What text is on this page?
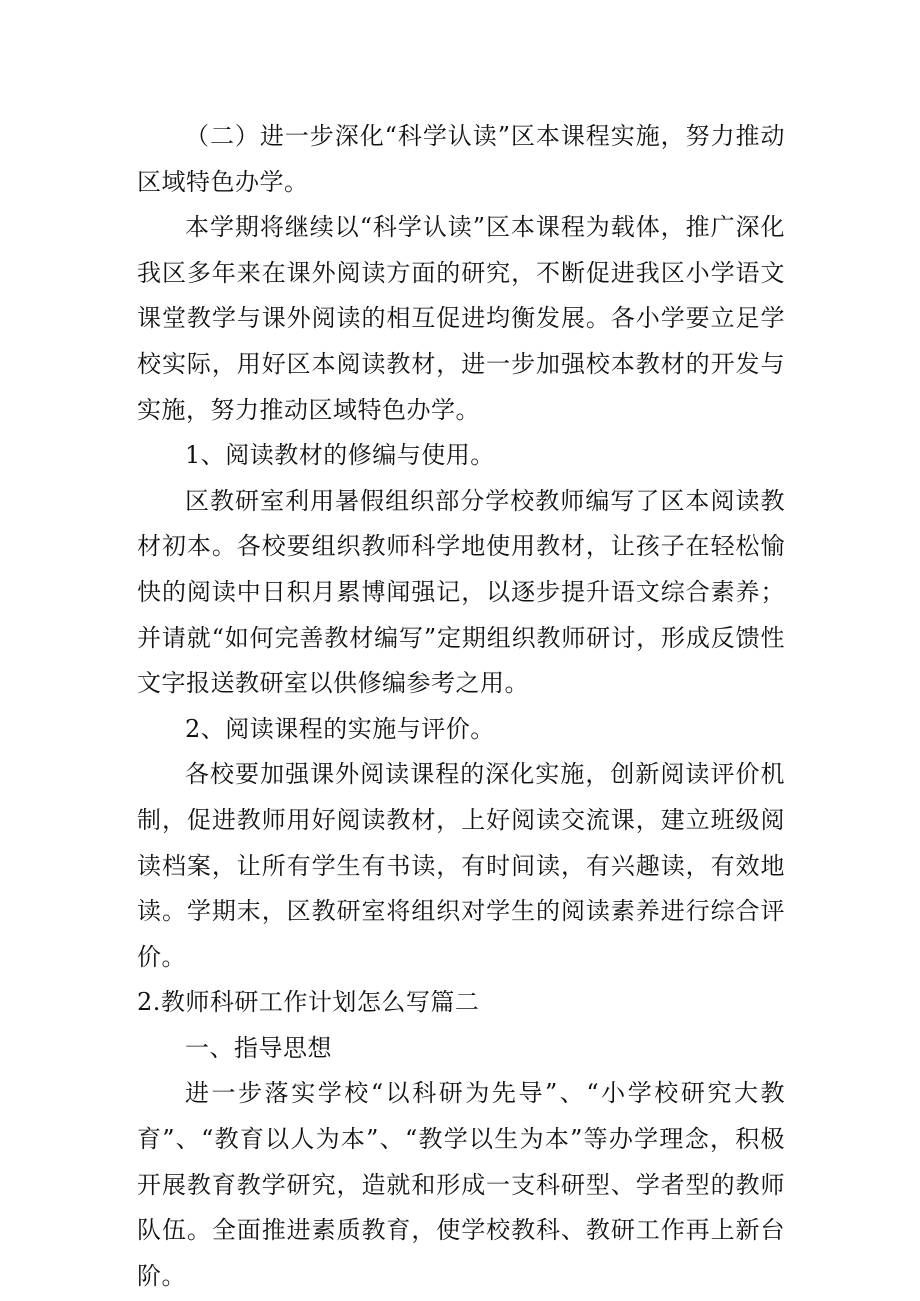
（二）进一步深化“科学认读”区本课程实施，努力推动区域特色办学。

本学期将继续以“科学认读”区本课程为载体，推广深化我区多年来在课外阅读方面的研究，不断促进我区小学语文课堂教学与课外阅读的相互促进均衡发展。各小学要立足学校实际，用好区本阅读教材，进一步加强校本教材的开发与实施，努力推动区域特色办学。

1、阅读教材的修编与使用。

区教研室利用暑假组织部分学校教师编写了区本阅读教材初本。各校要组织教师科学地使用教材，让孩子在轻松愉快的阅读中日积月累博闻强记，以逐步提升语文综合素养；并请就“如何完善教材编写”定期组织教师研讨，形成反馈性文字报送教研室以供修编参考之用。

2、阅读课程的实施与评价。

各校要加强课外阅读课程的深化实施，创新阅读评价机制，促进教师用好阅读教材，上好阅读交流课，建立班级阅读档案，让所有学生有书读，有时间读，有兴趣读，有效地读。学期末，区教研室将组织对学生的阅读素养进行综合评价。

2.教师科研工作计划怎么写篇二

一、指导思想

进一步落实学校“以科研为先导”、“小学校研究大教育”、“教育以人为本”、“教学以生为本”等办学理念，积极开展教育教学研究，造就和形成一支科研型、学者型的教师队伍。全面推进素质教育，使学校教科、教研工作再上新台阶。
